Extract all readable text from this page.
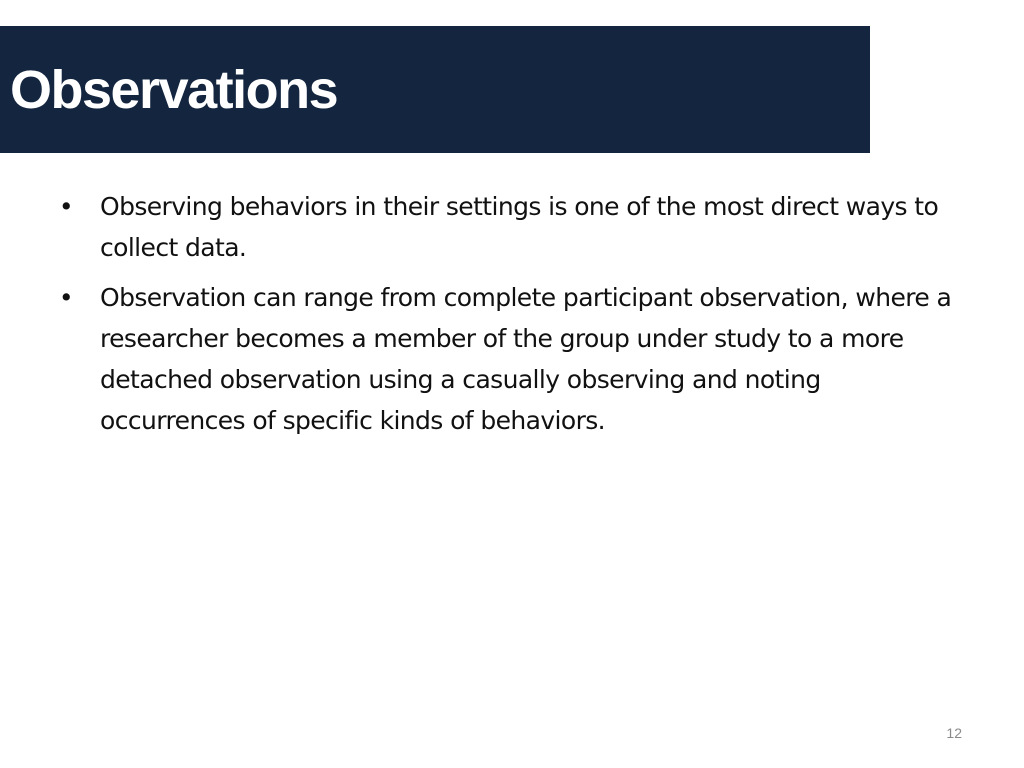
Observations
• Observing behaviors in their settings is one of the most direct ways to collect data.
• Observation can range from complete participant observation, where a researcher becomes a member of the group under study to a more detached observation using a casually observing and noting occurrences of specific kinds of behaviors.
12
